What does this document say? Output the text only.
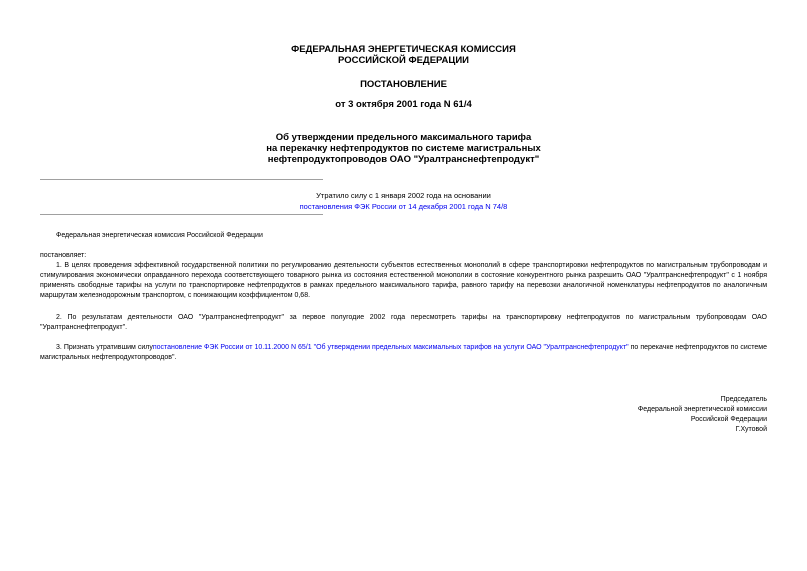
ФЕДЕРАЛЬНАЯ ЭНЕРГЕТИЧЕСКАЯ КОМИССИЯ
РОССИЙСКОЙ ФЕДЕРАЦИИ
ПОСТАНОВЛЕНИЕ
от 3 октября 2001 года N 61/4
Об утверждении предельного максимального тарифа
на перекачку нефтепродуктов по системе магистральных
нефтепродуктопроводов ОАО "Уралтранснефтепродукт"
Утратило силу с 1 января 2002 года на основании
постановления ФЭК России от 14 декабря 2001 года N 74/8
Федеральная энергетическая комиссия Российской Федерации
постановляет:
1. В целях проведения эффективной государственной политики по регулированию деятельности субъектов естественных монополий в сфере транспортировки нефтепродуктов по магистральным трубопроводам и стимулирования экономически оправданного перехода соответствующего товарного рынка из состояния естественной монополии в состояние конкурентного рынка разрешить ОАО "Уралтранснефтепродукт" с 1 ноября применять свободные тарифы на услуги по транспортировке нефтепродуктов в рамках предельного максимального тарифа, равного тарифу на перевозки аналогичной номенклатуры нефтепродуктов по аналогичным маршрутам железнодорожным транспортом, с понижающим коэффициентом 0,68.
2. По результатам деятельности ОАО "Уралтранснефтепродукт" за первое полугодие 2002 года пересмотреть тарифы на транспортировку нефтепродуктов по магистральным трубопроводам ОАО "Уралтранснефтепродукт".
3. Признать утратившим силупостановление ФЭК России от 10.11.2000 N 65/1 "Об утверждении предельных максимальных тарифов на услуги ОАО "Уралтранснефтепродукт" по перекачке нефтепродуктов по системе магистральных нефтепродуктопроводов".
Председатель
Федеральной энергетической комиссии
Российской Федерации
Г.Хутовой
